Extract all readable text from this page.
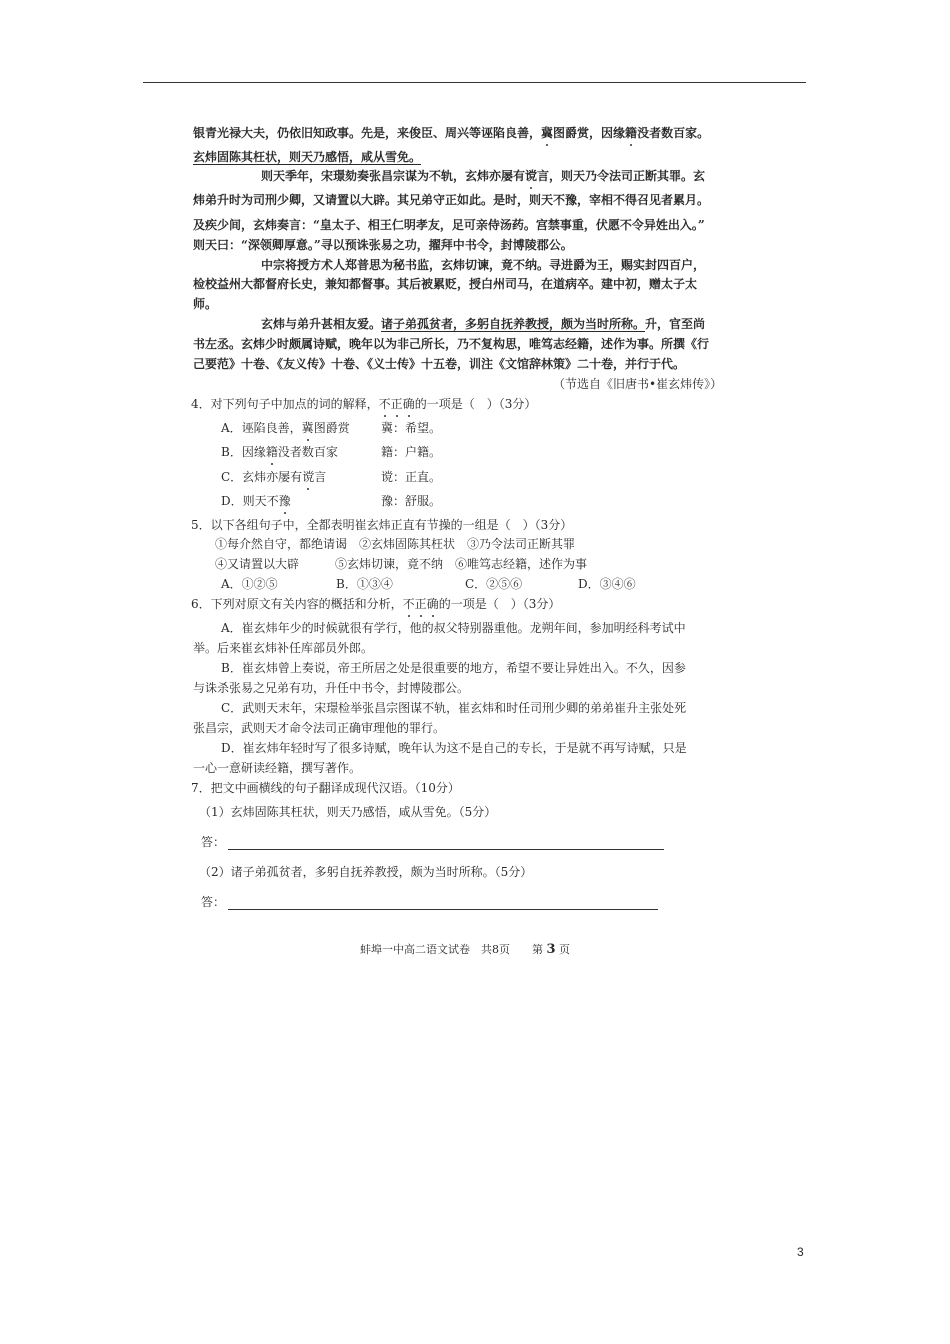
银青光禄大夫，仍依旧知政事。先是，来俊臣、周兴等诬陷良善，冀图爵赏，因缘籍没者数百家。
玄炜固陈其枉状，则天乃感悟，咸从雪免。
则天季年，宋璟劾奏张昌宗谋为不轨，玄炜亦屡有谠言，则天乃令法司正断其罪。玄
炜弟升时为司刑少卿，又请置以大辟。其兄弟守正如此。是时，则天不豫，宰相不得召见者累月。
及疾少间，玄炜奏言：“皇太子、相王仁明孝友，足可亲侍汤药。宫禁事重，伏愿不令异姓出入。”
则天曰：“深领卿厚意。”寻以预诛张易之功，擢拜中书令，封博陵郡公。
中宗将授方术人郑普思为秘书监，玄炜切谏，竟不纳。寻进爵为王，赐实封四百户，
检校益州大都督府长史，兼知都督事。其后被累贬，授白州司马，在道病卒。建中初，赠太子太
师。
玄炜与弟升甚相友爱。诸子弟孤贫者，多躬自抚养教授，颇为当时所称。升，官至尚
书左丞。玄炜少时颇属诗赋，晚年以为非己所长，乃不复构思，唯笃志经籍，述作为事。所撰《行
己要范》十卷、《友义传》十卷、《义士传》十五卷，训注《文馆辞林策》二十卷，并行于代。
（节选自《旧唐书•崔玄炜传》）
4．对下列句子中加点的词的解释，不正确的一项是（　）（3分）
A．诬陷良善，冀图爵赏	冀：希望。
B．因缘籍没者数百家	籍：户籍。
C．玄炜亦屡有谠言	谠：正直。
D．则天不豫	豫：舒服。
5．以下各组句子中，全都表明崔玄炜正直有节操的一组是（　）（3分）
①每介然自守，都绝请谒　②玄炜固陈其枉状　③乃令法司正断其罪
④又请置以大辟　　　⑤玄炜切谏，竟不纳　⑥唯笃志经籍，述作为事
A．①②⑤	B．①③④	C．②⑤⑥	D．③④⑥
6．下列对原文有关内容的概括和分析，不正确的一项是（　）（3分）
A．崔玄炜年少的时候就很有学行，他的叔父特别器重他。龙朔年间，参加明经科考试中
举。后来崔玄炜补任库部员外郎。
B．崔玄炜曾上奏说，帝王所居之处是很重要的地方，希望不要让异姓出入。不久，因参
与诛杀张易之兄弟有功，升任中书令，封博陵郡公。
C．武则天末年，宋璟检举张昌宗图谋不轨，崔玄炜和时任司刑少卿的弟弟崔升主张处死
张昌宗，武则天才命令法司正确审理他的罪行。
D．崔玄炜年轻时写了很多诗赋，晚年认为这不是自己的专长，于是就不再写诗赋，只是
一心一意研读经籍，撰写著作。
7．把文中画横线的句子翻译成现代汉语。（10分）
（1）玄炜固陈其枉状，则天乃感悟，咸从雪免。（5分）
答：
（2）诸子弟孤贫者，多躬自抚养教授，颇为当时所称。（5分）
答：
蚌埠一中高二语文试卷　共8页　　第 3 页
3
